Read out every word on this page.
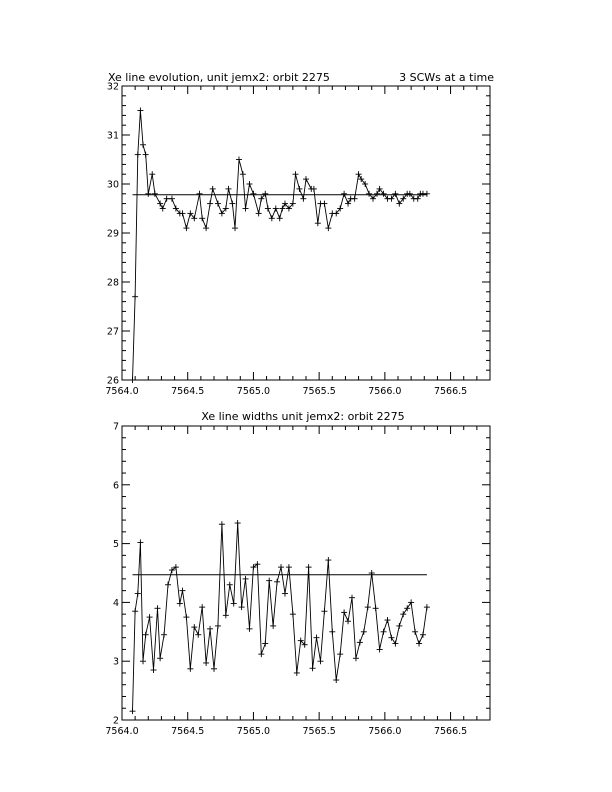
Xe line evolution, unit jemx2: orbit 2275	3 SCWs at a time
7564.0	7564.5	7565.0	7565.5	7566.0	7566.5
26
27
28
29
30
31
32
Xe line widths unit jemx2: orbit 2275
7564.0	7564.5	7565.0	7565.5	7566.0	7566.5
2
3
4
5
6
7
